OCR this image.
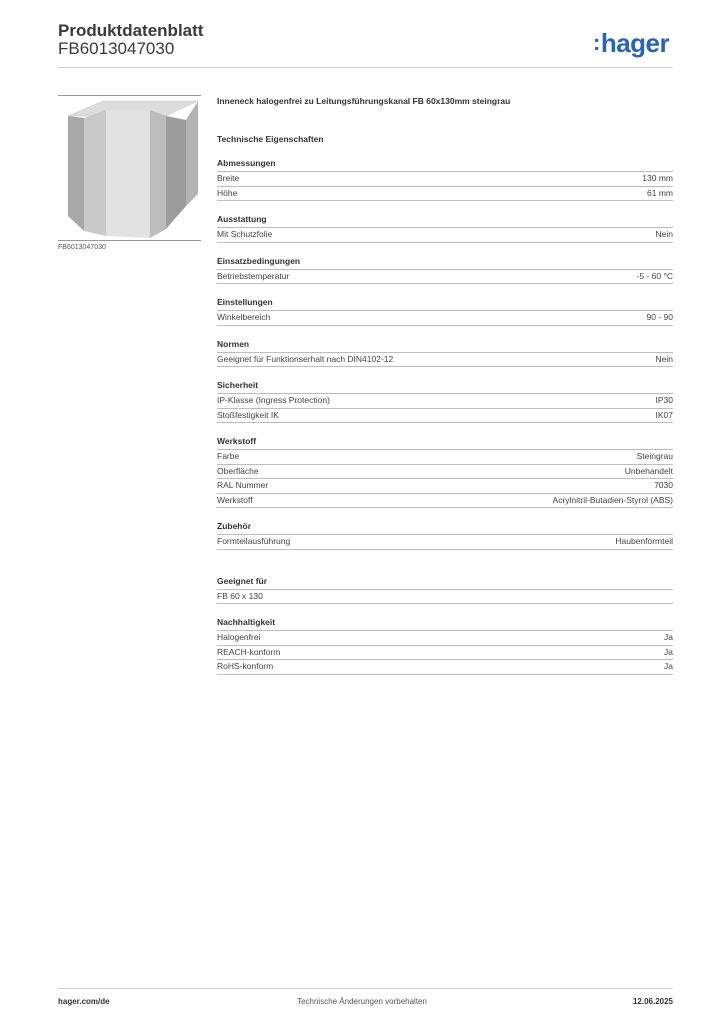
Produktdatenblatt
FB6013047030	:hager
FB6013047030
Inneneck halogenfrei zu Leitungsführungskanal FB 60x130mm steingrau
Technische Eigenschaften
Abmessungen
Breite	130 mm
Höhe	61 mm
Ausstattung
Mit Schutzfolie	Nein
Einsatzbedingungen
Betriebstemperatur	-5 - 60 °C
Einstellungen
Winkelbereich	90 - 90
Normen
Geeignet für Funktionserhalt nach DIN4102-12	Nein
Sicherheit
IP-Klasse (Ingress Protection)	IP30
Stoßfestigkeit IK	IK07
Werkstoff
Farbe	Steingrau
Oberfläche	Unbehandelt
RAL Nummer	7030
Werkstoff	Acrylnitril-Butadien-Styrol (ABS)
Zubehör
Formteilausführung	Haubenformteil
Geeignet für
FB 60 x 130
Nachhaltigkeit
Halogenfrei	Ja
REACH-konform	Ja
RoHS-konform	Ja
hager.com/de	Technische Änderungen vorbehalten	12.06.2025
